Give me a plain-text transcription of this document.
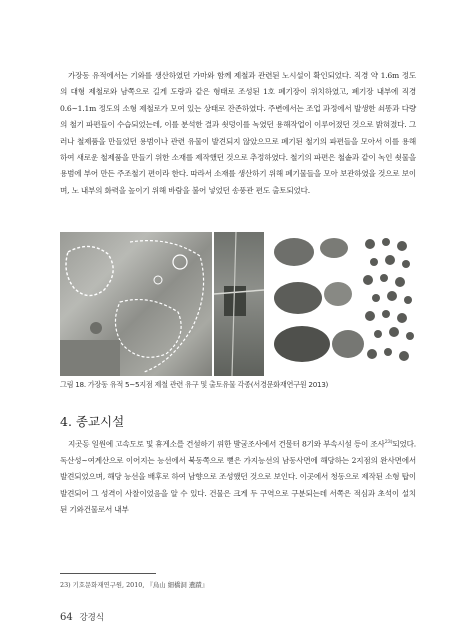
가장동 유적에서는 기와를 생산하였던 가마와 함께 제철과 관련된 노시설이 확인되었다. 직경 약 1.6m 정도의 대형 제철로와 남쪽으로 길게 도랑과 같은 형태로 조성된 1호 폐기장이 위치하였고, 폐기장 내부에 직경 0.6~1.1m 정도의 소형 제철로가 모여 있는 상태로 잔존하였다. 주변에서는 조업 과정에서 발생한 쇠똥과 다량의 철기 파편들이 수습되었는데, 이를 분석한 결과 쇳덩이를 녹였던 용해작업이 이루어졌던 것으로 밝혀졌다. 그러나 철제품을 만들었던 용범이나 관련 유물이 발견되지 않았으므로 폐기된 철기의 파편들을 모아서 이를 용해하여 새로운 철제품을 만들기 위한 소재를 제작했던 것으로 추정하였다. 철기의 파편은 철솥과 같이 녹인 쇳물을 용범에 부어 만든 주조철기 편이라 한다. 따라서 소재를 생산하기 위해 폐기물들을 모아 보관하였을 것으로 보이며, 노 내부의 화력을 높이기 위해 바람을 불어 넣었던 송풍관 편도 출토되었다.

그림 18. 가장동 유적 5~5지점 제철 관련 유구 및 출토유물 각종(서경문화재연구원 2013)
4. 종교시설

지곳동 일원에 고속도로 및 휴게소를 건설하기 위한 발굴조사에서 건물터 8기와 부속시설 등이 조사$^{23)}$되었다. 독산성~여계산으로 이어지는 능선에서 북동쪽으로 뻗은 가지능선의 남동사면에 해당하는 2지점의 완사면에서 발견되었으며, 해당 능선을 배후로 하여 남향으로 조성했던 것으로 보인다. 이곳에서 청동으로 제작된 소형 탑이 발견되어 그 성격이 사찰이었음을 알 수 있다. 건물은 크게 두 구역으로 구분되는데 서쪽은 적심과 초석이 설치된 기와건물로서 내부

23) 기호문화재연구원, 2010, 『烏山 細橋洞 遺蹟』
64 강경식
